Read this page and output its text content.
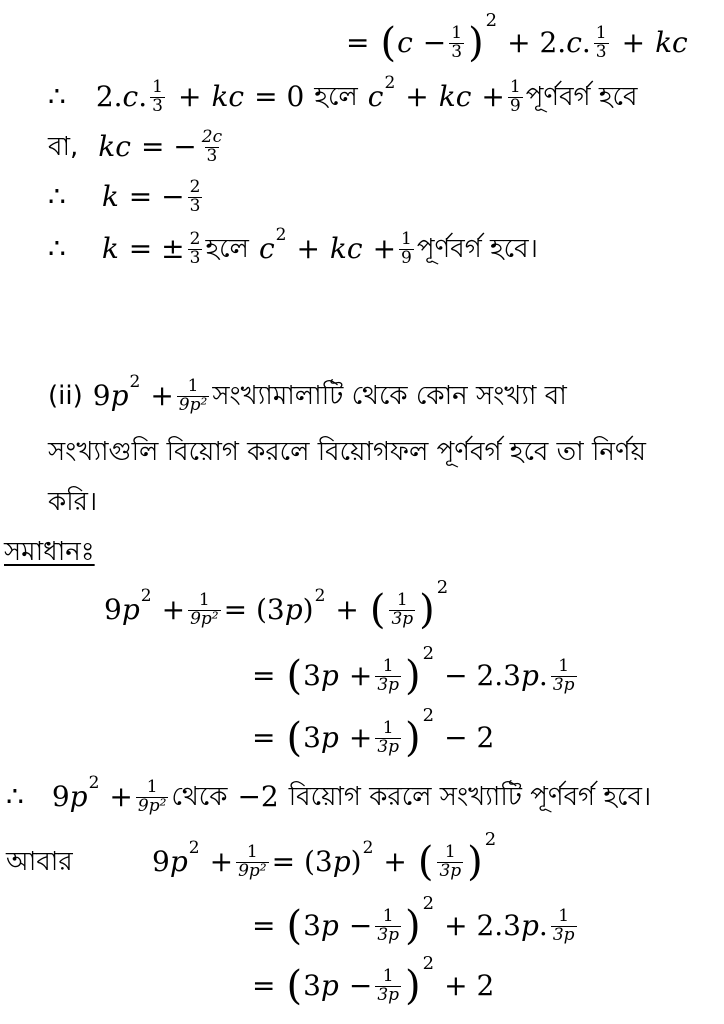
= ( $c - \frac{1}{3}$ ) 2
+ 2. c . $\frac{1}{3}$ + kc
∴ 2. c . $\frac{1}{3}$ + kc = 0 হলে c 2 + kc + $\frac{1}{9}$ পূর্ণবর্গ হবে
বা, kc = − $\frac{2c}{3}$
∴ k = − $\frac{2}{3}$
∴ k = ± $\frac{2}{3}$ হলে c 2 + kc + $\frac{1}{9}$ পূর্ণবর্গ হবে।
(ii) 9 p $2 + \frac{1}{\text{9p²}}$ সংখ্যামালাটি থেকে কোন সংখ্যা বা
সংখ্যাগুলি বিয়োগ করলে বিয়োগফল পূর্ণবর্গ হবে তা নির্ণয়
করি।
সমাধানঃ
9 p $2 + \frac{1}{\text{9p²}} = (3$ p ) 2 + ( $\frac{1}{3p}$ ) 2
= ( 3 $p + \frac{1}{3p}$ ) 2
− 2.3 p . $\frac{1}{3p}$
= ( 3 $p + \frac{1}{3p}$ ) 2
− 2
∴ 9 p $2 + \frac{1}{\text{9p²}}$ থেকে −2 বিয়োগ করলে সংখ্যাটি পূর্ণবর্গ হবে।
আবার	9 p $2 + \frac{1}{\text{9p²}} = (3$ p ) 2 + ( $\frac{1}{3p}$ ) 2
= ( 3 $p - \frac{1}{3p}$ ) 2
+ 2.3 p . $\frac{1}{3p}$
= ( 3 $p - \frac{1}{3p}$ ) 2
+ 2
